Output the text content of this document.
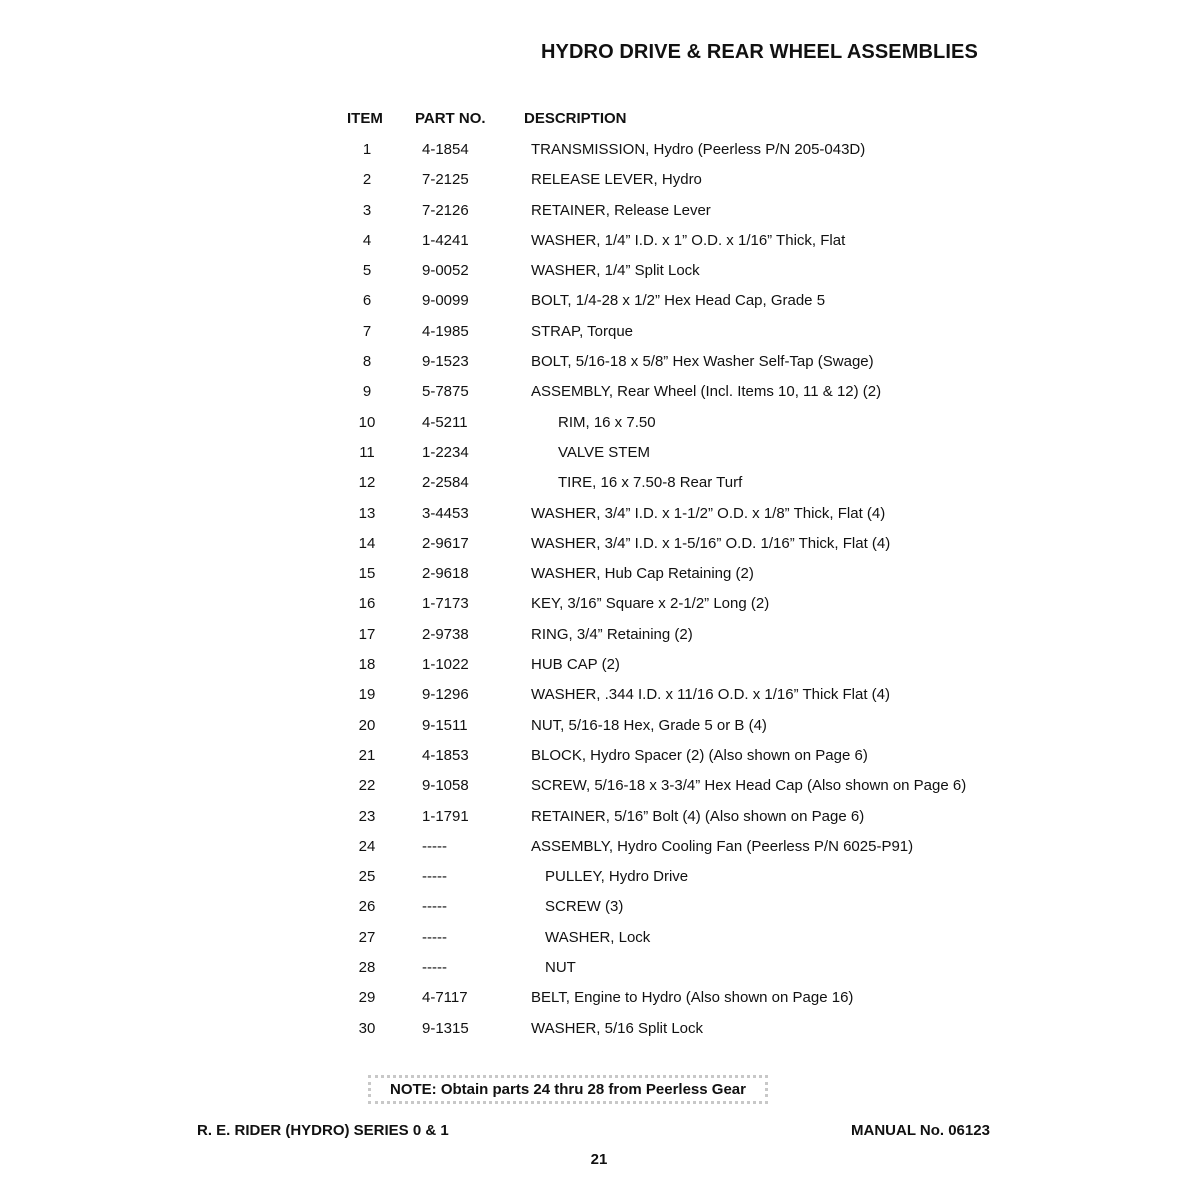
HYDRO DRIVE & REAR WHEEL ASSEMBLIES
ITEM PART NO.	DESCRIPTION
1	4-1854	TRANSMISSION, Hydro (Peerless P/N 205-043D)
2	7-2125	RELEASE LEVER, Hydro
3	7-2126	RETAINER, Release Lever
4	1-4241	WASHER, 1/4” I.D. x 1” O.D. x 1/16” Thick, Flat
5	9-0052	WASHER, 1/4” Split Lock
6	9-0099	BOLT, 1/4-28 x 1/2” Hex Head Cap, Grade 5
7	4-1985	STRAP, Torque
8	9-1523	BOLT, 5/16-18 x 5/8” Hex Washer Self-Tap (Swage)
9	5-7875	ASSEMBLY, Rear Wheel (Incl. Items 10, 11 & 12) (2)
10	4-5211	RIM, 16 x 7.50
11	1-2234	VALVE STEM
12	2-2584	TIRE, 16 x 7.50-8 Rear Turf
13	3-4453	WASHER, 3/4” I.D. x 1-1/2” O.D. x 1/8” Thick, Flat (4)
14	2-9617	WASHER, 3/4” I.D. x 1-5/16” O.D. 1/16” Thick, Flat (4)
15	2-9618	WASHER, Hub Cap Retaining (2)
16	1-7173	KEY, 3/16” Square x 2-1/2” Long (2)
17	2-9738	RING, 3/4” Retaining (2)
18	1-1022	HUB CAP (2)
19	9-1296	WASHER, .344 I.D. x 11/16 O.D. x 1/16” Thick Flat (4)
20	9-1511	NUT, 5/16-18 Hex, Grade 5 or B (4)
21	4-1853	BLOCK, Hydro Spacer (2) (Also shown on Page 6)
22	9-1058	SCREW, 5/16-18 x 3-3/4” Hex Head Cap (Also shown on Page 6)
23	1-1791	RETAINER, 5/16” Bolt (4) (Also shown on Page 6)
24	-----	ASSEMBLY, Hydro Cooling Fan (Peerless P/N 6025-P91)
25	-----	PULLEY, Hydro Drive
26	-----	SCREW (3)
27	-----	WASHER, Lock
28	-----	NUT
29	4-7117	BELT, Engine to Hydro (Also shown on Page 16)
30	9-1315	WASHER, 5/16 Split Lock
NOTE: Obtain parts 24 thru 28 from Peerless Gear
R. E. RIDER (HYDRO) SERIES 0 & 1	MANUAL No. 06123
21
